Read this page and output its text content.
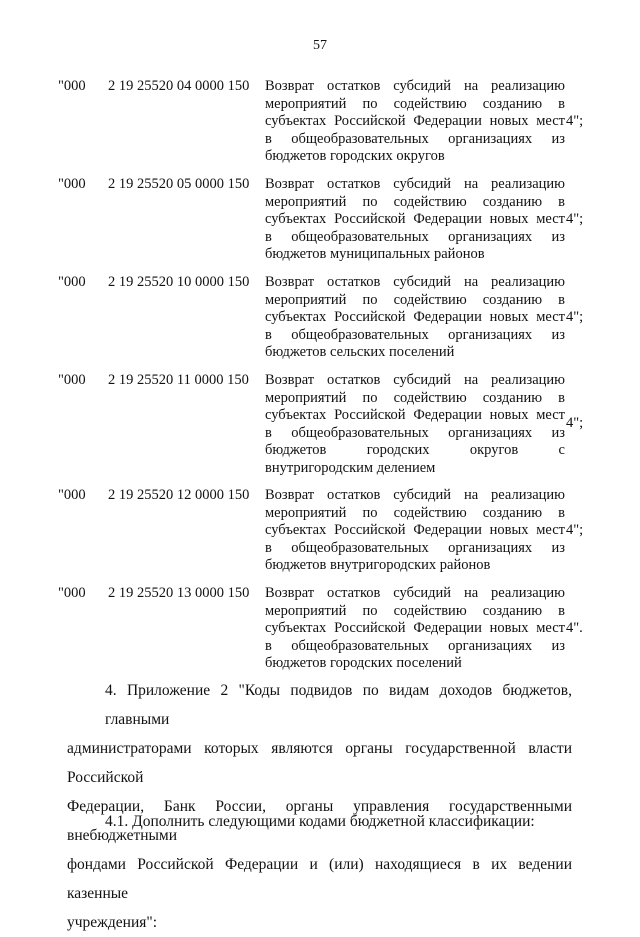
57
"000 2 19 25520 04 0000 150 Возврат остатков субсидий на реализацию
мероприятий по содействию созданию в
субъектах Российской Федерации новых мест
в общеобразовательных организациях из
бюджетов городских округов
4";
"000 2 19 25520 05 0000 150 Возврат остатков субсидий на реализацию
мероприятий по содействию созданию в
субъектах Российской Федерации новых мест
в общеобразовательных организациях из
бюджетов муниципальных районов
4";
"000 2 19 25520 10 0000 150 Возврат остатков субсидий на реализацию
мероприятий по содействию созданию в
субъектах Российской Федерации новых мест
в общеобразовательных организациях из
бюджетов сельских поселений
4";
"000 2 19 25520 11 0000 150 Возврат остатков субсидий на реализацию
мероприятий по содействию созданию в
субъектах Российской Федерации новых мест
в общеобразовательных организациях из
бюджетов городских округов с
внутригородским делением
4";
"000 2 19 25520 12 0000 150 Возврат остатков субсидий на реализацию
мероприятий по содействию созданию в
субъектах Российской Федерации новых мест
в общеобразовательных организациях из
бюджетов внутригородских районов
4";
"000 2 19 25520 13 0000 150 Возврат остатков субсидий на реализацию
мероприятий по содействию созданию в
субъектах Российской Федерации новых мест
в общеобразовательных организациях из
бюджетов городских поселений
4".
4. Приложение 2 "Коды подвидов по видам доходов бюджетов, главными
администраторами которых являются органы государственной власти Российской
Федерации, Банк России, органы управления государственными внебюджетными
фондами Российской Федерации и (или) находящиеся в их ведении казенные
учреждения":
4.1. Дополнить следующими кодами бюджетной классификации:
